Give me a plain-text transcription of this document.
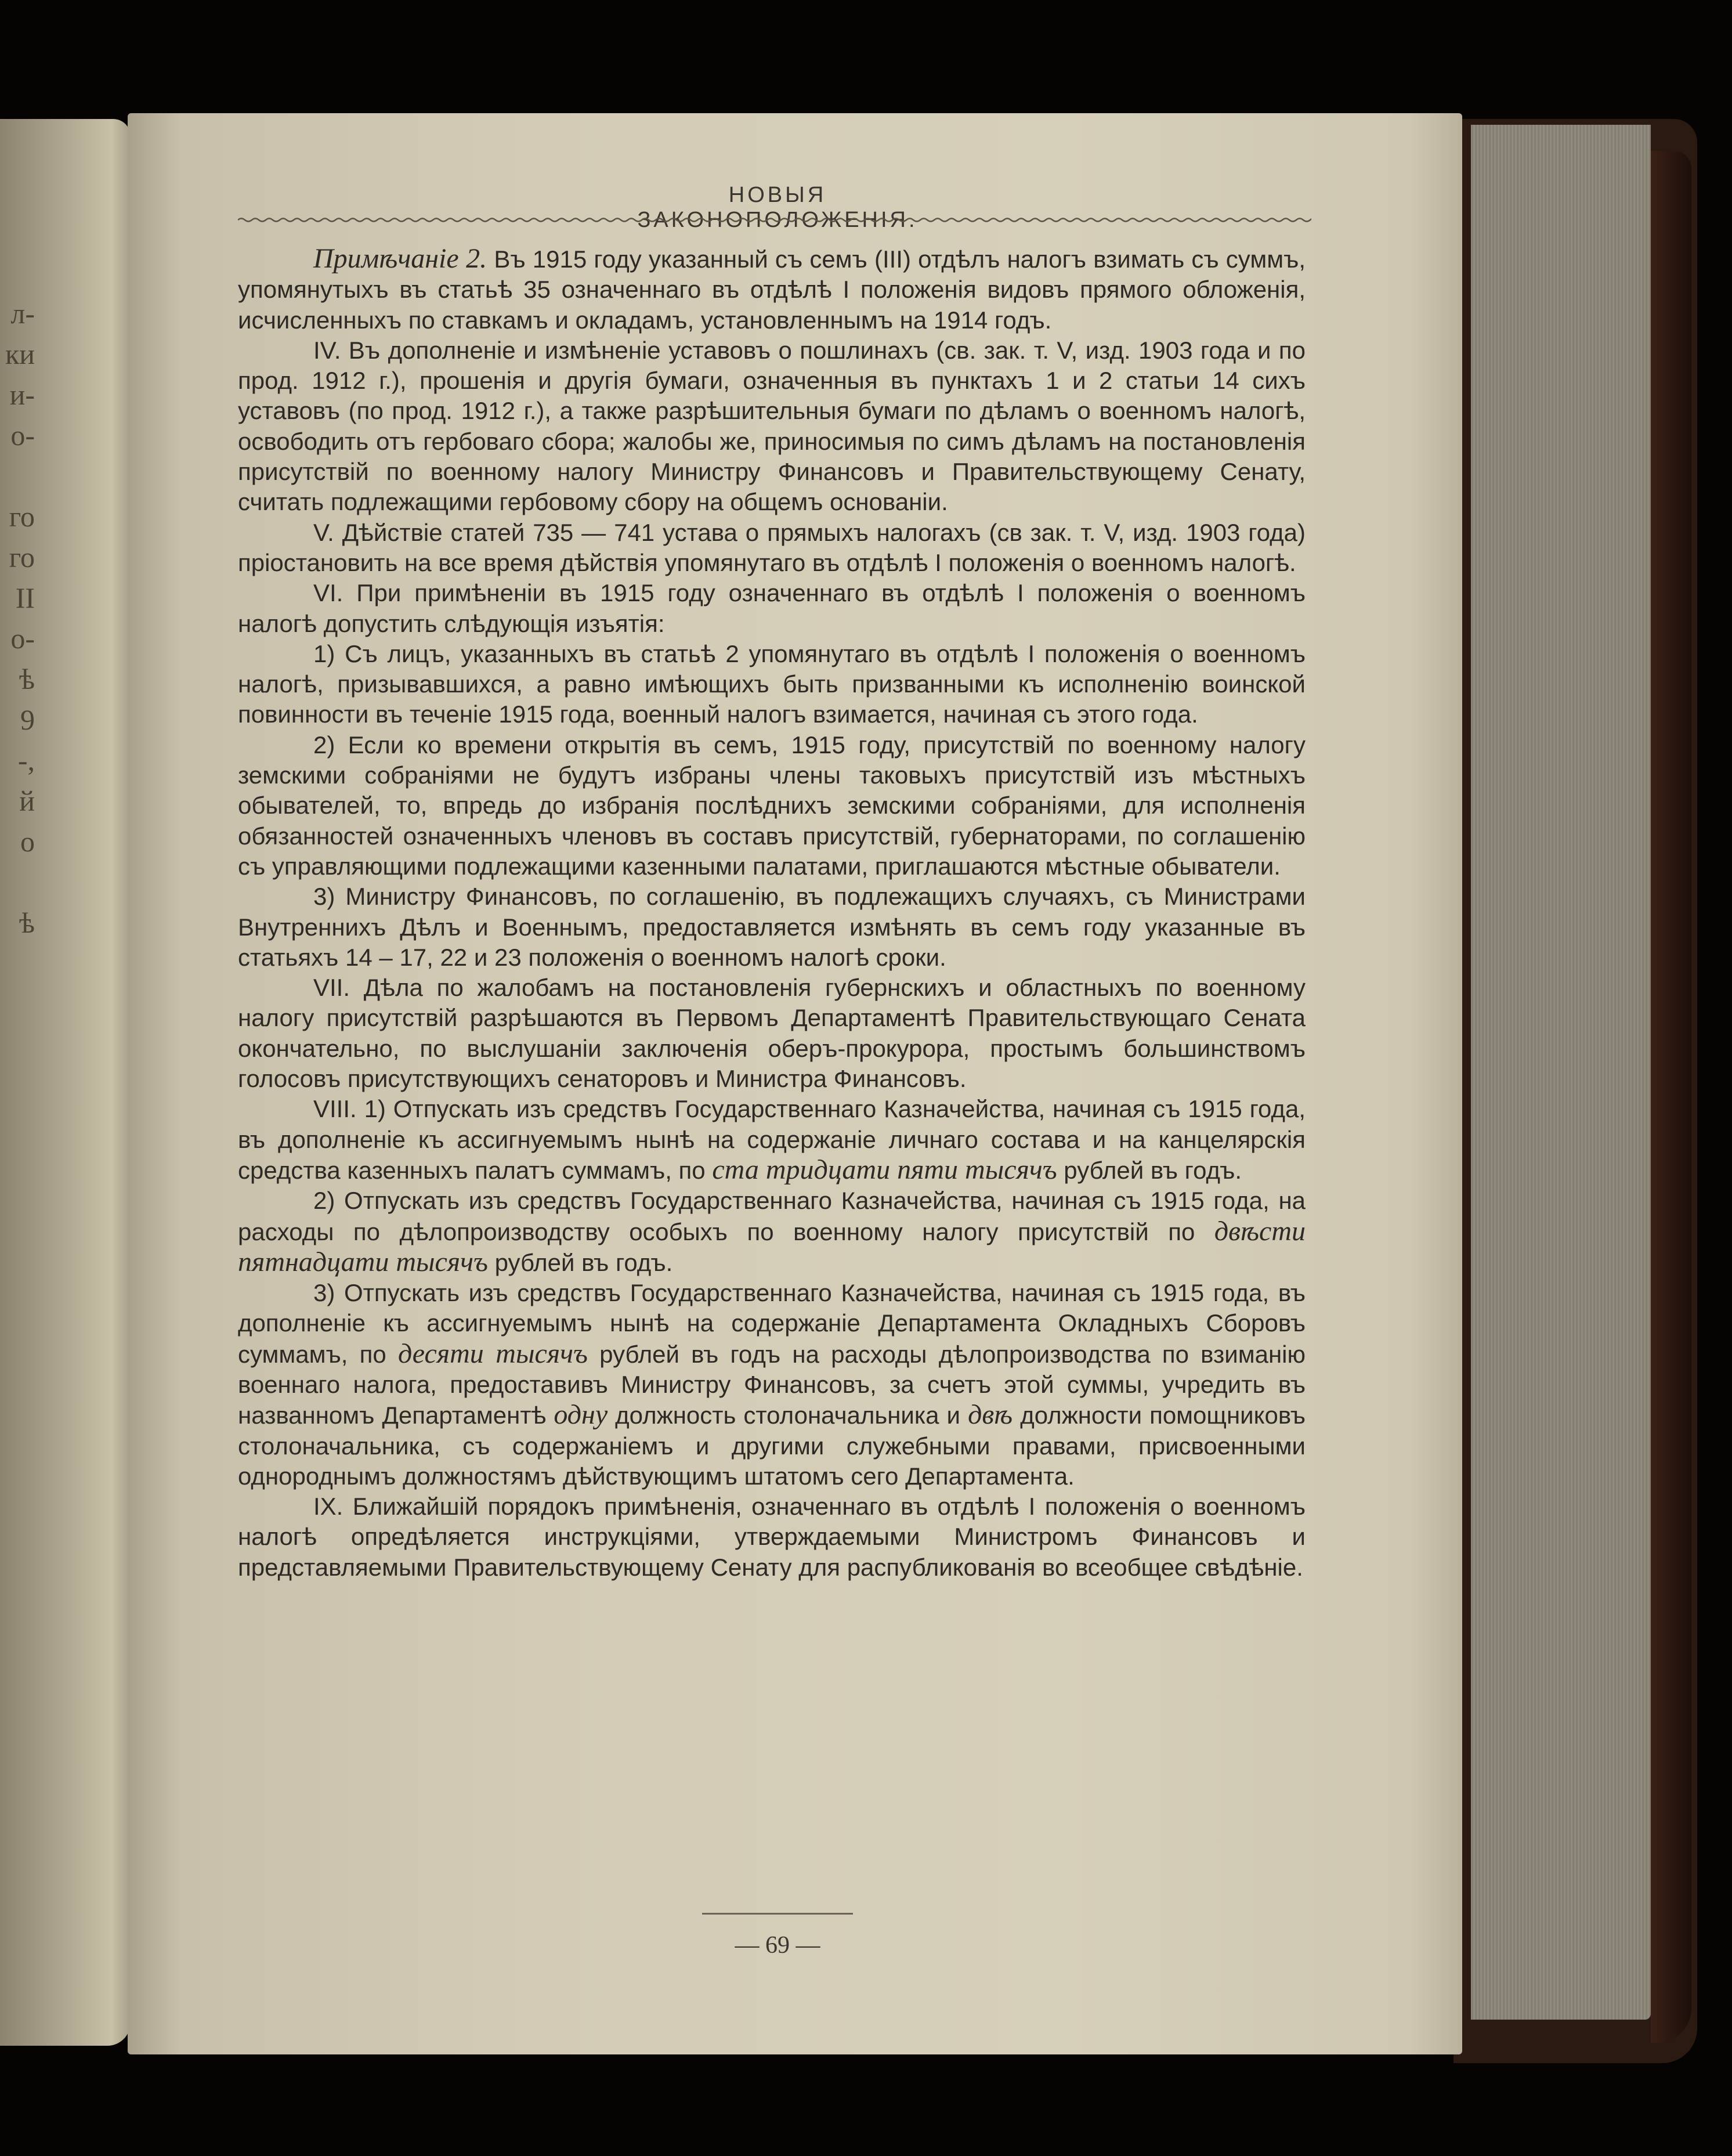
л-
ки
и-
о-
го
го
II
о-
ѣ
9
-,
й
о
ѣ
НОВЫЯ ЗАКОНОПОЛОЖЕНІЯ.

Примѣчаніе 2. Въ 1915 году указанный съ семъ (III) отдѣлъ налогъ взимать съ суммъ, упомянутыхъ въ статьѣ 35 означеннаго въ отдѣлѣ I положенія видовъ прямого обложенія, исчисленныхъ по ставкамъ и окладамъ, установленнымъ на 1914 годъ.

IV. Въ дополненіе и измѣненіе уставовъ о пошлинахъ (св. зак. т. V, изд. 1903 года и по прод. 1912 г.), прошенія и другія бумаги, означенныя въ пунктахъ 1 и 2 статьи 14 сихъ уставовъ (по прод. 1912 г.), а также разрѣшительныя бумаги по дѣламъ о военномъ налогѣ, освободить отъ гербоваго сбора; жалобы же, приносимыя по симъ дѣламъ на постановленія присутствій по военному налогу Министру Финансовъ и Правительствующему Сенату, считать подлежащими гербовому сбору на общемъ основаніи.

V. Дѣйствіе статей 735 — 741 устава о прямыхъ налогахъ (св зак. т. V, изд. 1903 года) пріостановить на все время дѣйствія упомянутаго въ отдѣлѣ I положенія о военномъ налогѣ.

VI. При примѣненіи въ 1915 году означеннаго въ отдѣлѣ I положенія о военномъ налогѣ допустить слѣдующія изъятія:

1) Съ лицъ, указанныхъ въ статьѣ 2 упомянутаго въ отдѣлѣ I положенія о военномъ налогѣ, призывавшихся, а равно имѣющихъ быть призванными къ исполненію воинской повинности въ теченіе 1915 года, военный налогъ взимается, начиная съ этого года.

2) Если ко времени открытія въ семъ, 1915 году, присутствій по военному налогу земскими собраніями не будутъ избраны члены таковыхъ присутствій изъ мѣстныхъ обывателей, то, впредь до избранія послѣднихъ земскими собраніями, для исполненія обязанностей означенныхъ членовъ въ составъ присутствій, губернаторами, по соглашенію съ управляющими подлежащими казенными палатами, приглашаются мѣстные обыватели.

3) Министру Финансовъ, по соглашенію, въ подлежащихъ случаяхъ, съ Министрами Внутреннихъ Дѣлъ и Военнымъ, предоставляется измѣнять въ семъ году указанные въ статьяхъ 14 – 17, 22 и 23 положенія о военномъ налогѣ сроки.

VII. Дѣла по жалобамъ на постановленія губернскихъ и областныхъ по военному налогу присутствій разрѣшаются въ Первомъ Департаментѣ Правительствующаго Сената окончательно, по выслушаніи заключенія оберъ-прокурора, простымъ большинствомъ голосовъ присутствующихъ сенаторовъ и Министра Финансовъ.

VIII. 1) Отпускать изъ средствъ Государственнаго Казначейства, начиная съ 1915 года, въ дополненіе къ ассигнуемымъ нынѣ на содержаніе личнаго состава и на канцелярскія средства казенныхъ палатъ суммамъ, по ста тридцати пяти тысячъ рублей въ годъ.

2) Отпускать изъ средствъ Государственнаго Казначейства, начиная съ 1915 года, на расходы по дѣлопроизводству особыхъ по военному налогу присутствій по двѣсти пятнадцати тысячъ рублей въ годъ.

3) Отпускать изъ средствъ Государственнаго Казначейства, начиная съ 1915 года, въ дополненіе къ ассигнуемымъ нынѣ на содержаніе Департамента Окладныхъ Сборовъ суммамъ, по десяти тысячъ рублей въ годъ на расходы дѣлопроизводства по взиманію военнаго налога, предоставивъ Министру Финансовъ, за счетъ этой суммы, учредить въ названномъ Департаментѣ одну должность столоначальника и двѣ должности помощниковъ столоначальника, съ содержаніемъ и другими служебными правами, присвоенными однороднымъ должностямъ дѣйствующимъ штатомъ сего Департамента.

IX. Ближайшій порядокъ примѣненія, означеннаго въ отдѣлѣ I положенія о военномъ налогѣ опредѣляется инструкціями, утверждаемыми Министромъ Финансовъ и представляемыми Правительствующему Сенату для распубликованія во всеобщее свѣдѣніе.

— 69 —
